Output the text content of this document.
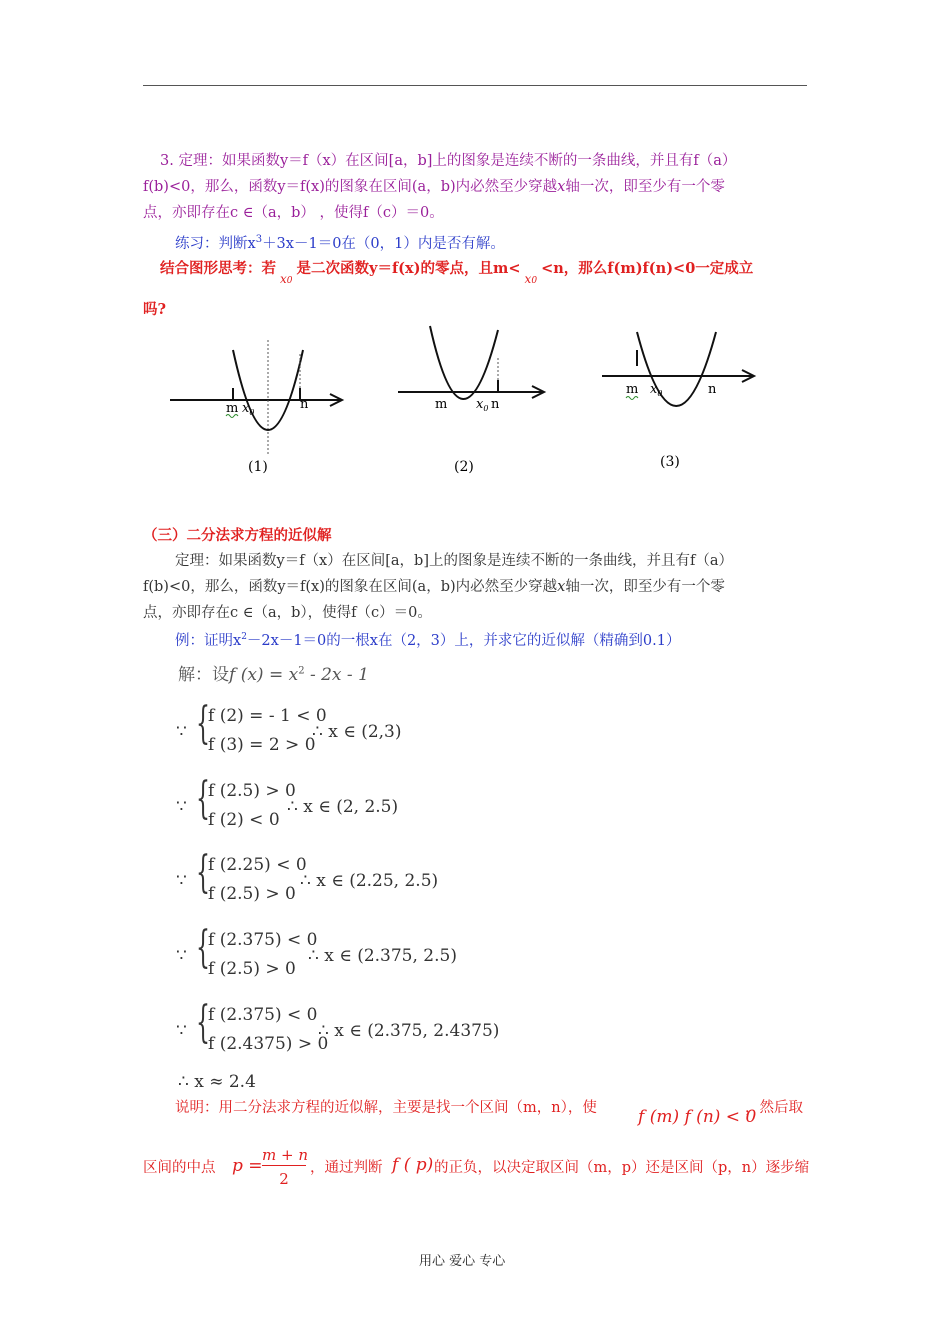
3. 定理：如果函数y＝f（x）在区间[a，b]上的图象是连续不断的一条曲线，并且有f（a）
f(b)<0，那么，函数y＝f(x)的图象在区间(a，b)内必然至少穿越x轴一次，即至少有一个零
点，亦即存在c ∈（a，b） ，使得f（c）＝0。
练习：判断$x^3+3x-1=0$在（0，1）内是否有解。
结合图形思考：若$_{x0}$是二次函数y＝f(x)的零点，且$m<_{x0}<n$，那么f(m)f(n)<0一定成立
吗?
m $x_0$
n
(1)
m $x_0$ n
(2)
m $x_0$	n
(3)
（三）二分法求方程的近似解
定理：如果函数y＝f（x）在区间[a，b]上的图象是连续不断的一条曲线，并且有f（a）
f(b)<0，那么，函数y＝f(x)的图象在区间(a，b)内必然至少穿越x轴一次，即至少有一个零
点，亦即存在c ∈（a，b），使得f（c）＝0。
例：证明$x^2-2x-1=0$的一根x在（2，3）上，并求它的近似解（精确到0.1）
解：设f $(x) = x^2 - 2x - 1$
∵ {
f (2) = - 1 < 0
f (3) = 2 > 0
∴ x ∈ (2,3)
∵ {
f (2.5) > 0
f (2) < 0
∴ x ∈ (2, 2.5)
∵ {
f (2.25) < 0
f (2.5) > 0
∴ x ∈ (2.25, 2.5)
∵ {
f (2.375) < 0
f (2.5) > 0
∴ x ∈ (2.375, 2.5)
∵ {
f (2.375) < 0
f (2.4375) > 0
∴ x ∈ (2.375, 2.4375)
∴ x ≈ 2.4
说明：用二分法求方程的近似解，主要是找一个区间（m，n），使 f (m) f (n) < 0
，然后取
区间的中点 p =
m + n
2
，通过判断 f ( p) 的正负，以决定取区间（m，p）还是区间（p，n）逐步缩
用心 爱心 专心
